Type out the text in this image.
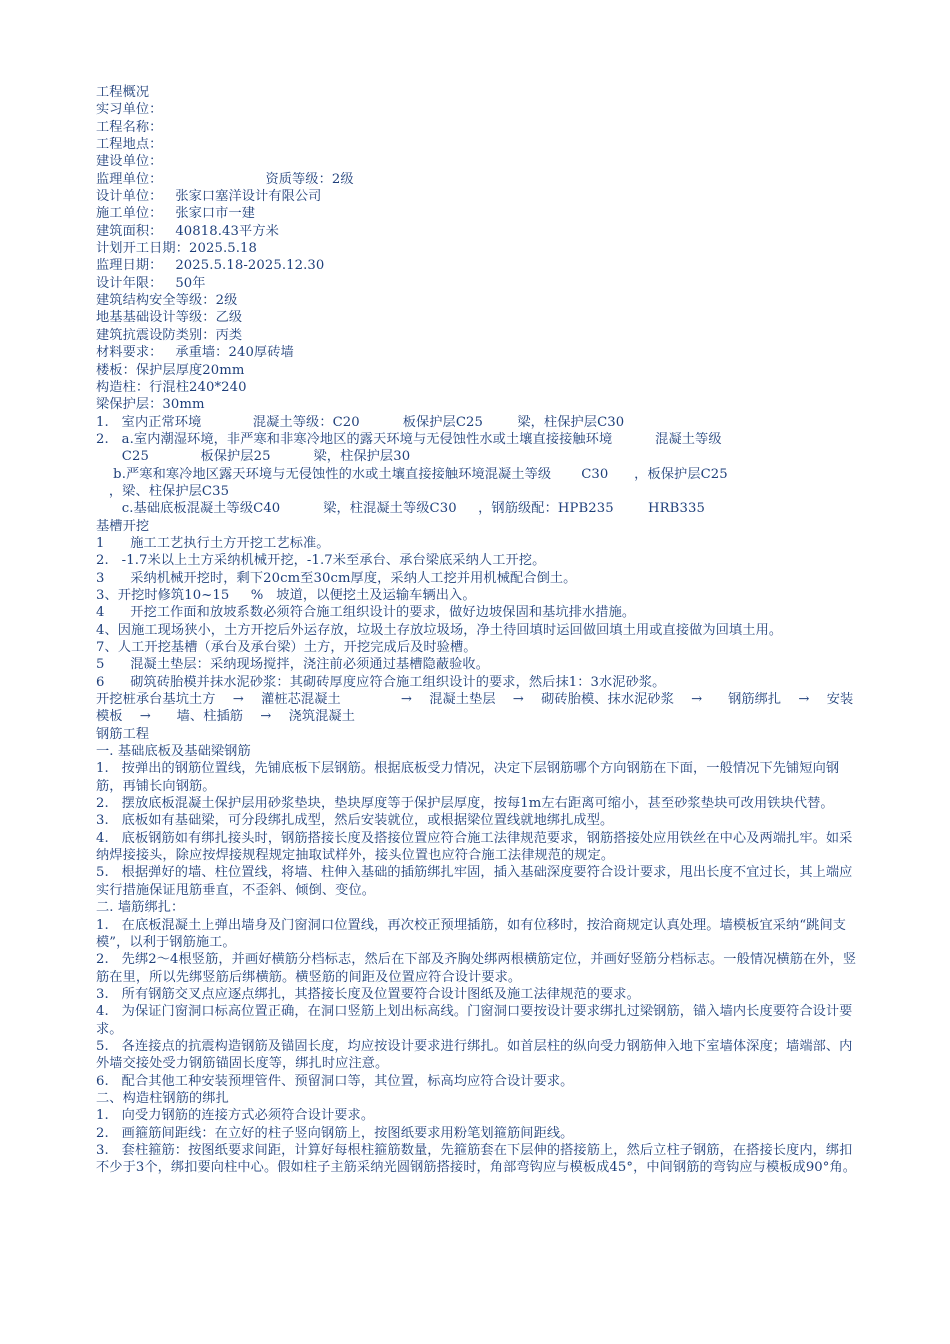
工程概况
实习单位：
工程名称：
工程地点：
建设单位：
监理单位：                        资质等级：2级
设计单位：   张家口塞洋设计有限公司
施工单位：   张家口市一建
建筑面积：   40818.43平方米
计划开工日期：2025.5.18
监理日期：   2025.5.18-2025.12.30
设计年限：   50年
建筑结构安全等级：2级
地基基础设计等级：乙级
建筑抗震设防类别：丙类
材料要求：   承重墙：240厚砖墙
楼板：保护层厚度20mm
构造柱：行混柱240*240
梁保护层：30mm
1.   室内正常环境            混凝土等级：C20          板保护层C25        梁，柱保护层C30
2.   a.室内潮湿环境，非严寒和非寒冷地区的露天环境与无侵蚀性水或土壤直接接触环境          混凝土等级
C25            板保护层25          梁，柱保护层30
b.严寒和寒冷地区露天环境与无侵蚀性的水或土壤直接接触环境混凝土等级       C30      ，板保护层C25
，梁、柱保护层C35
c.基础底板混凝土等级C40          梁，柱混凝土等级C30     ，钢筋级配：HPB235        HRB335
基槽开挖
1      施工工艺执行土方开挖工艺标准。
2.   -1.7米以上土方采纳机械开挖，-1.7米至承台、承台梁底采纳人工开挖。
3      采纳机械开挖时，剩下20cm至30cm厚度，采纳人工挖并用机械配合倒土。
3、开挖时修筑10~15     %   坡道，以便挖土及运输车辆出入。
4      开挖工作面和放坡系数必须符合施工组织设计的要求，做好边坡保固和基坑排水措施。
4、因施工现场狭小，土方开挖后外运存放，垃圾土存放垃圾场，净土待回填时运回做回填土用或直接做为回填土用。
7、人工开挖基槽（承台及承台梁）土方，开挖完成后及时验槽。
5      混凝土垫层：采纳现场搅拌，浇注前必须通过基槽隐蔽验收。
6      砌筑砖胎模并抹水泥砂浆：其砌砖厚度应符合施工组织设计的要求，然后抹1：3水泥砂浆。
开挖桩承台基坑土方    →    灌桩芯混凝土              →    混凝土垫层    →    砌砖胎模、抹水泥砂浆    →      钢筋绑扎    →    安装模板    →      墙、柱插筋    →    浇筑混凝土
钢筋工程
一. 基础底板及基础梁钢筋
1.   按弹出的钢筋位置线，先铺底板下层钢筋。根据底板受力情况，决定下层钢筋哪个方向钢筋在下面，一般情况下先铺短向钢筋，再铺长向钢筋。
2.   摆放底板混凝土保护层用砂浆垫块，垫块厚度等于保护层厚度，按每1m左右距离可缩小，甚至砂浆垫块可改用铁块代替。
3.   底板如有基础梁，可分段绑扎成型，然后安装就位，或根据梁位置线就地绑扎成型。
4.   底板钢筋如有绑扎接头时，钢筋搭接长度及搭接位置应符合施工法律规范要求，钢筋搭接处应用铁丝在中心及两端扎牢。如采纳焊接接头，除应按焊接规程规定抽取试样外，接头位置也应符合施工法律规范的规定。
5.   根据弹好的墙、柱位置线，将墙、柱伸入基础的插筋绑扎牢固，插入基础深度要符合设计要求，甩出长度不宜过长，其上端应实行措施保证甩筋垂直，不歪斜、倾倒、变位。
二. 墙筋绑扎：
1.   在底板混凝土上弹出墙身及门窗洞口位置线，再次校正预埋插筋，如有位移时，按洽商规定认真处理。墙模板宜采纳“跳间支模”，以利于钢筋施工。
2.   先绑2～4根竖筋，并画好横筋分档标志，然后在下部及齐胸处绑两根横筋定位，并画好竖筋分档标志。一般情况横筋在外，竖筋在里，所以先绑竖筋后绑横筋。横竖筋的间距及位置应符合设计要求。
3.   所有钢筋交叉点应逐点绑扎，其搭接长度及位置要符合设计图纸及施工法律规范的要求。
4.   为保证门窗洞口标高位置正确，在洞口竖筋上划出标高线。门窗洞口要按设计要求绑扎过梁钢筋，锚入墙内长度要符合设计要求。
5.   各连接点的抗震构造钢筋及锚固长度，均应按设计要求进行绑扎。如首层柱的纵向受力钢筋伸入地下室墙体深度；墙端部、内外墙交接处受力钢筋锚固长度等，绑扎时应注意。
6.   配合其他工种安装预埋管件、预留洞口等，其位置，标高均应符合设计要求。
二、构造柱钢筋的绑扎
1.   向受力钢筋的连接方式必须符合设计要求。
2.   画箍筋间距线：在立好的柱子竖向钢筋上，按图纸要求用粉笔划箍筋间距线。
3.   套柱箍筋：按图纸要求间距，计算好每根柱箍筋数量，先箍筋套在下层伸的搭接筋上，然后立柱子钢筋，在搭接长度内，绑扣不少于3个，绑扣要向柱中心。假如柱子主筋采纳光圆钢筋搭接时，角部弯钩应与模板成45°，中间钢筋的弯钩应与模板成90°角。
